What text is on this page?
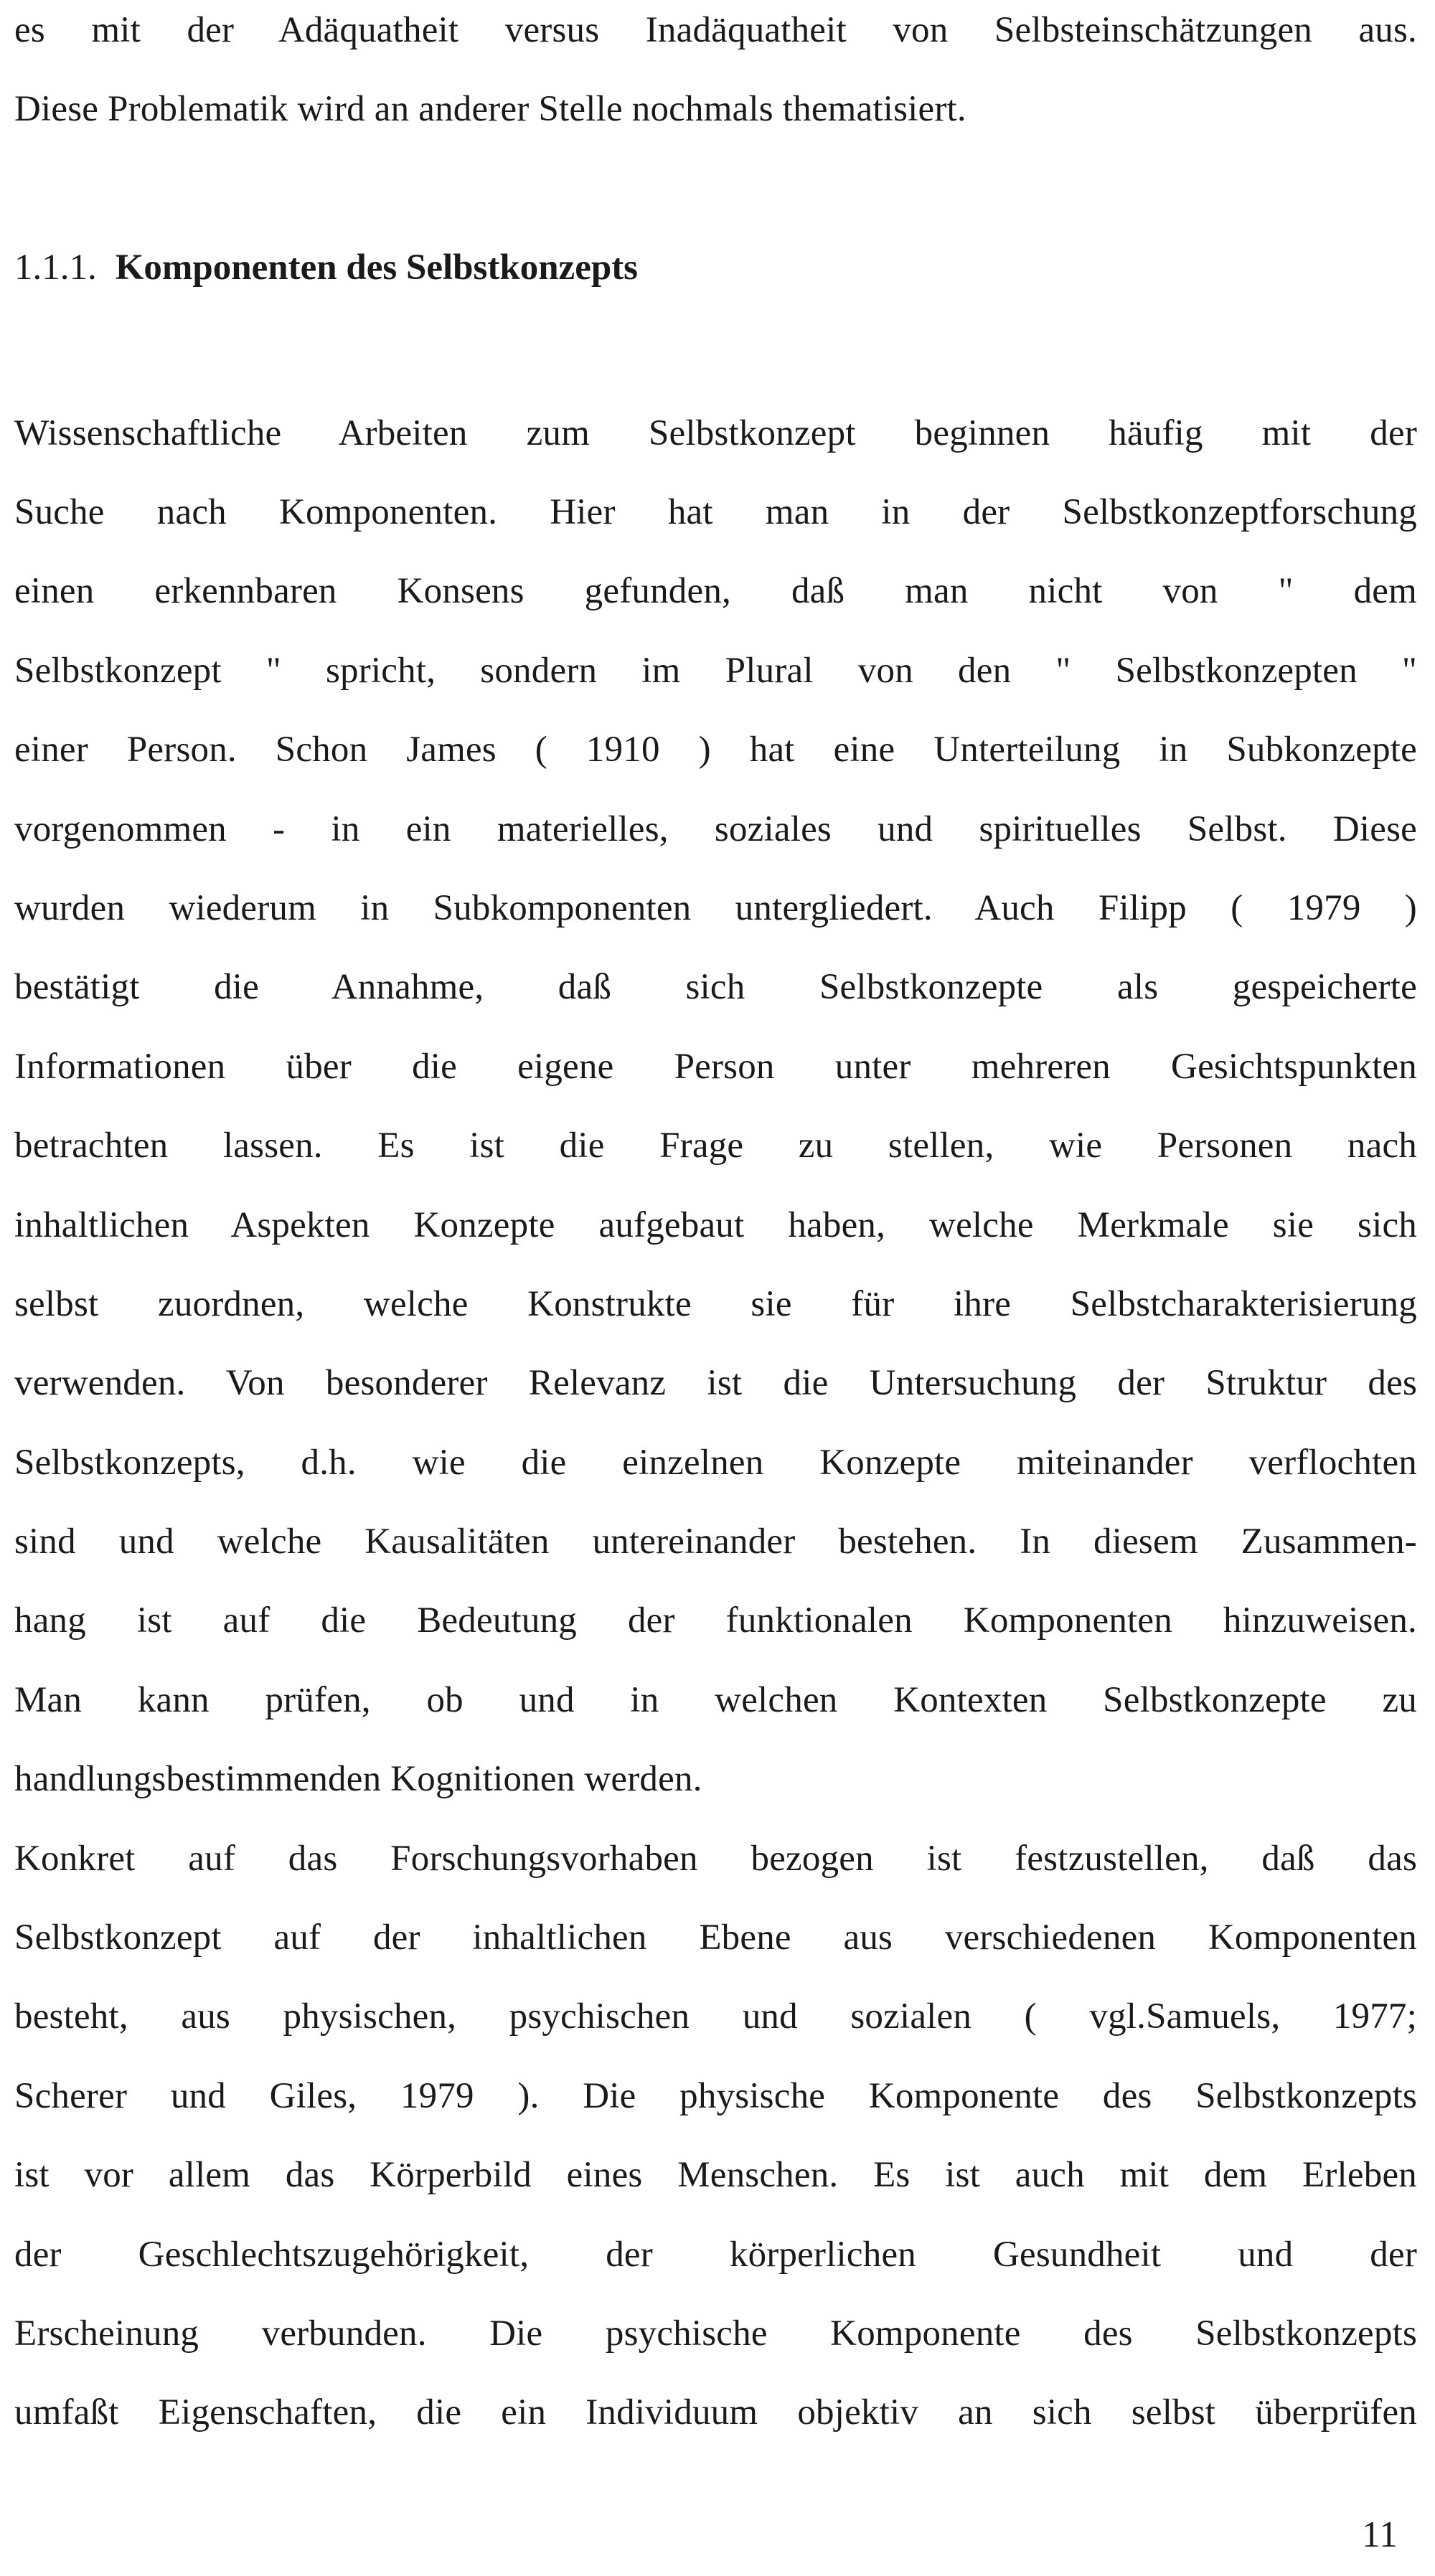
es mit der Adäquatheit versus Inadäquatheit von Selbsteinschätzungen aus.
Diese Problematik wird an anderer Stelle nochmals thematisiert.
1.1.1. Komponenten des Selbstkonzepts
Wissenschaftliche Arbeiten zum Selbstkonzept beginnen häufig mit der
Suche nach Komponenten. Hier hat man in der Selbstkonzeptforschung
einen erkennbaren Konsens gefunden, daß man nicht von " dem
Selbstkonzept " spricht, sondern im Plural von den " Selbstkonzepten "
einer Person. Schon James ( 1910 ) hat eine Unterteilung in Subkonzepte
vorgenommen - in ein materielles, soziales und spirituelles Selbst. Diese
wurden wiederum in Subkomponenten untergliedert. Auch Filipp ( 1979 )
bestätigt die Annahme, daß sich Selbstkonzepte als gespeicherte
Informationen über die eigene Person unter mehreren Gesichtspunkten
betrachten lassen. Es ist die Frage zu stellen, wie Personen nach
inhaltlichen Aspekten Konzepte aufgebaut haben, welche Merkmale sie sich
selbst zuordnen, welche Konstrukte sie für ihre Selbstcharakterisierung
verwenden. Von besonderer Relevanz ist die Untersuchung der Struktur des
Selbstkonzepts, d.h. wie die einzelnen Konzepte miteinander verflochten
sind und welche Kausalitäten untereinander bestehen. In diesem Zusammen-
hang ist auf die Bedeutung der funktionalen Komponenten hinzuweisen.
Man kann prüfen, ob und in welchen Kontexten Selbstkonzepte zu
handlungsbestimmenden Kognitionen werden.
Konkret auf das Forschungsvorhaben bezogen ist festzustellen, daß das
Selbstkonzept auf der inhaltlichen Ebene aus verschiedenen Komponenten
besteht, aus physischen, psychischen und sozialen ( vgl.Samuels, 1977;
Scherer und Giles, 1979 ). Die physische Komponente des Selbstkonzepts
ist vor allem das Körperbild eines Menschen. Es ist auch mit dem Erleben
der Geschlechtszugehörigkeit, der körperlichen Gesundheit und der
Erscheinung verbunden. Die psychische Komponente des Selbstkonzepts
umfaßt Eigenschaften, die ein Individuum objektiv an sich selbst überprüfen
11
